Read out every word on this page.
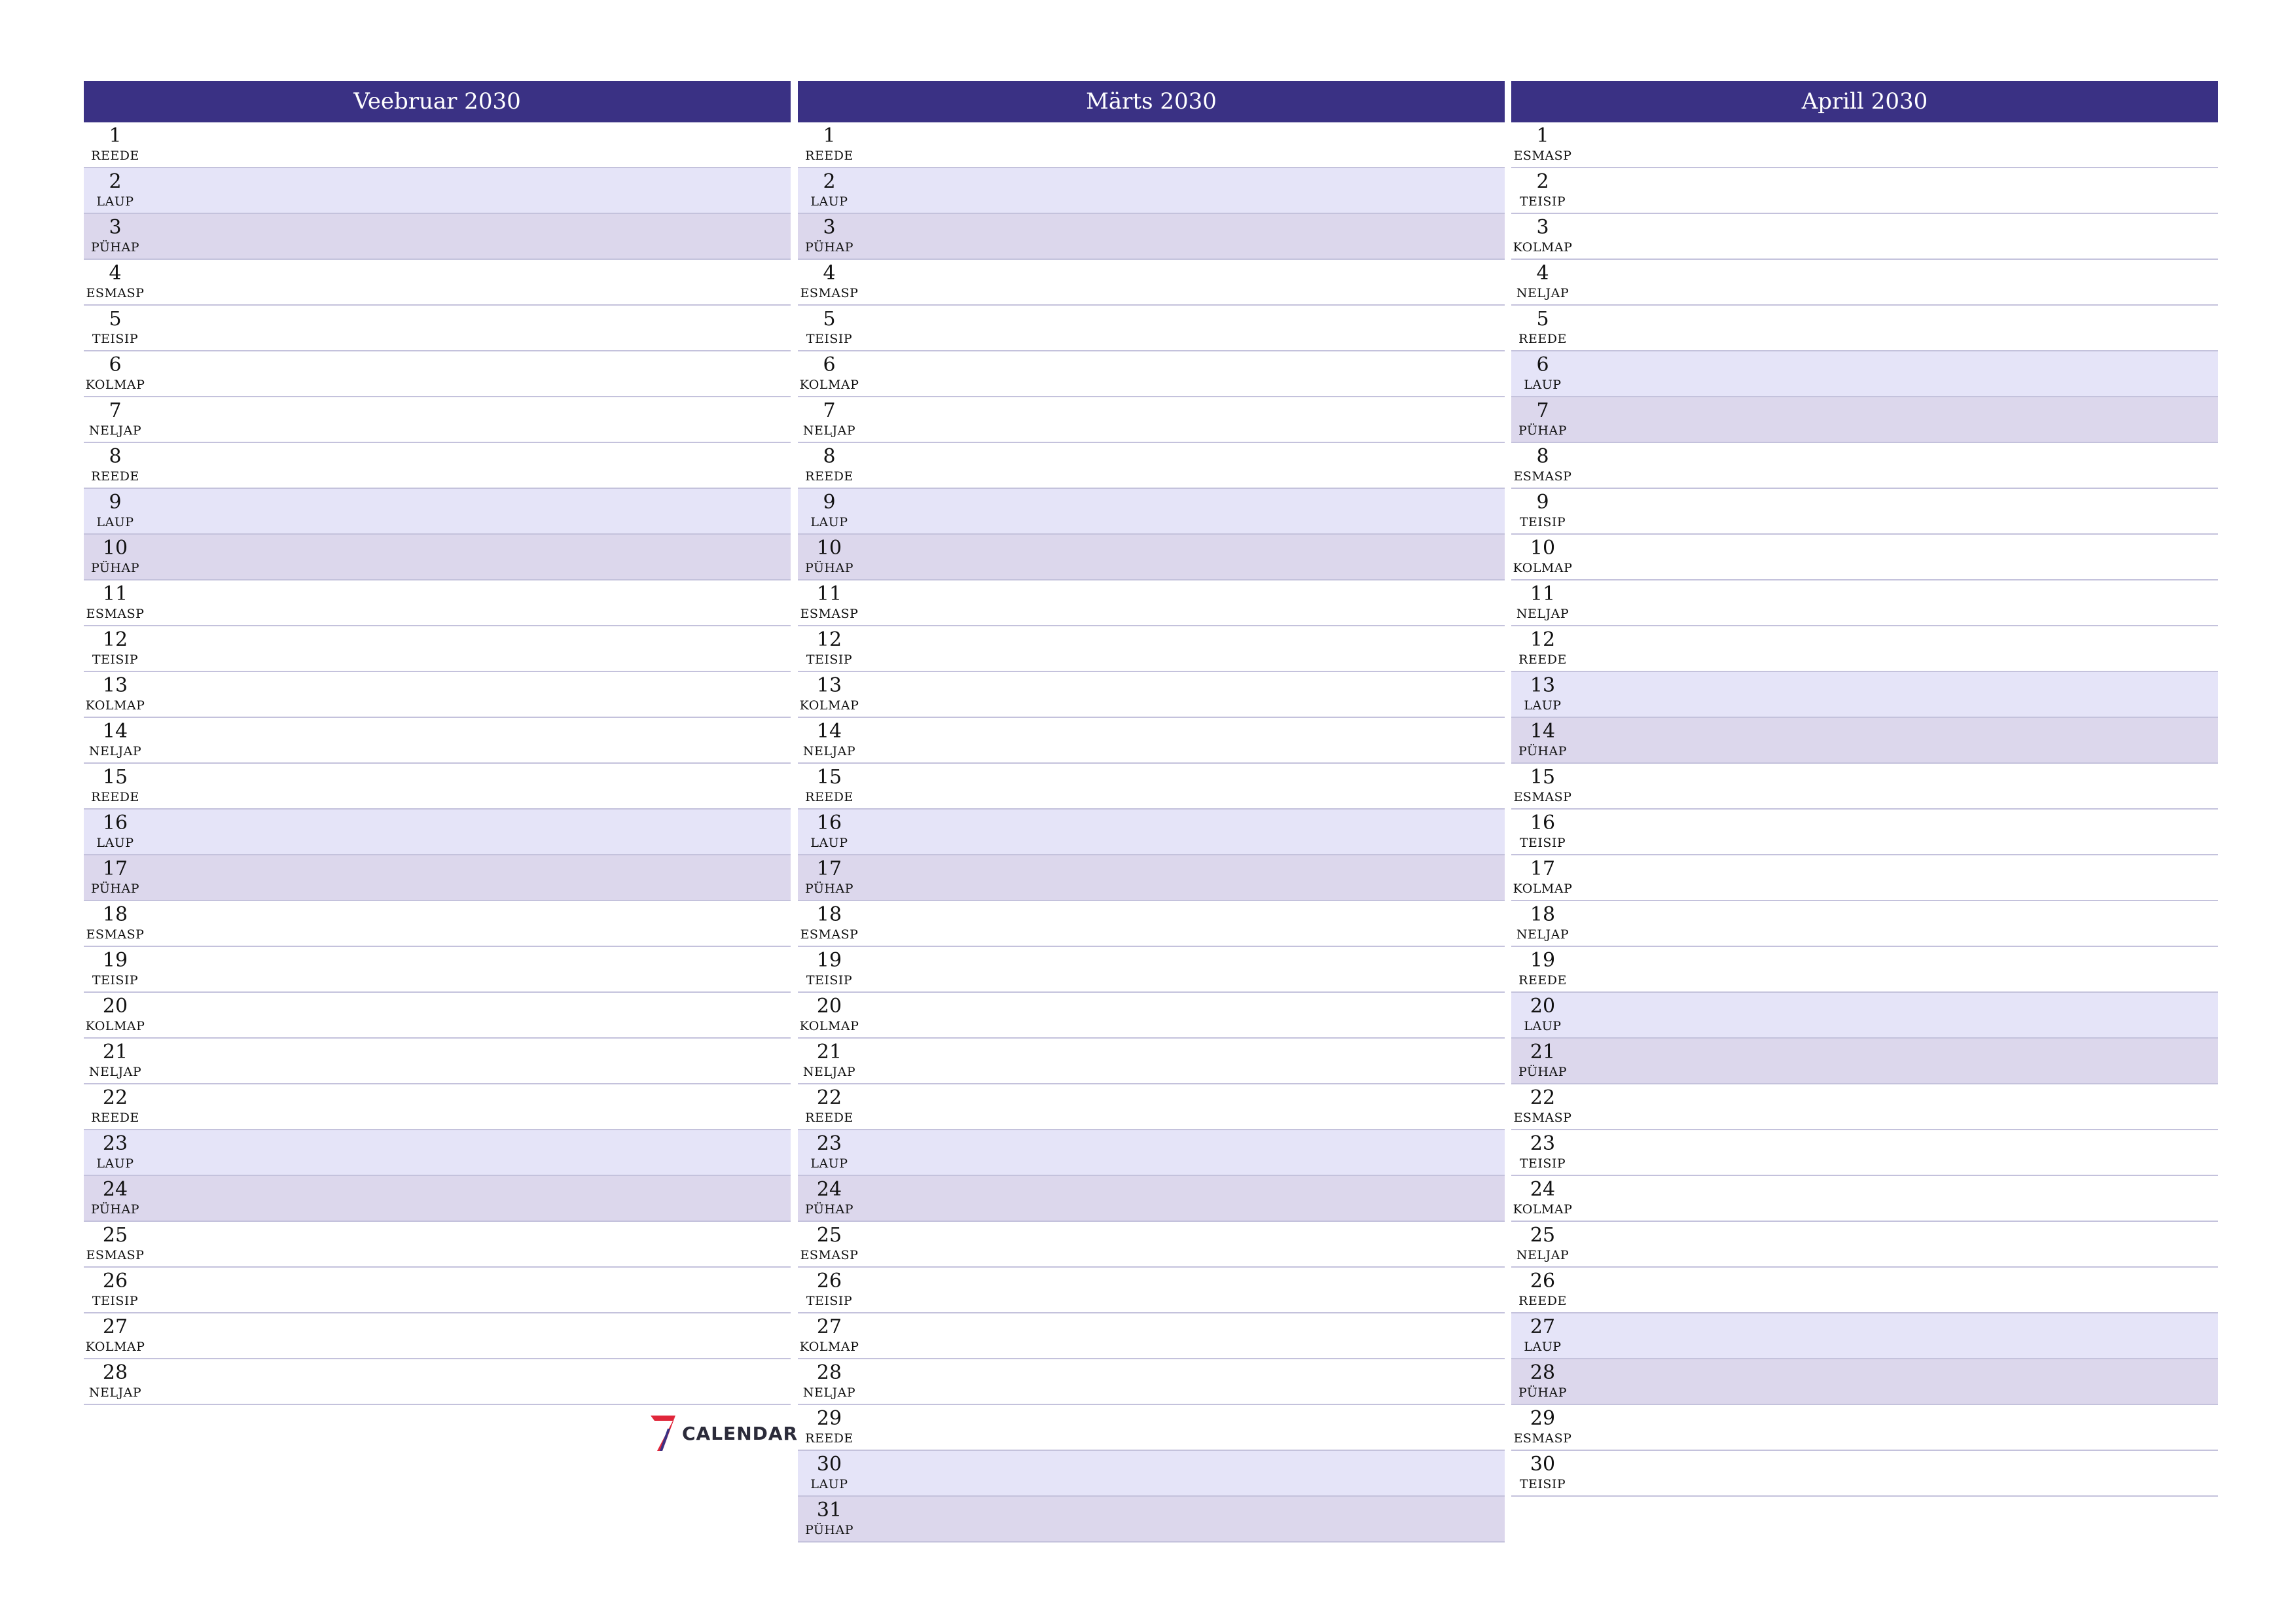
Veebruar 2030
1
REEDE
2
LAUP
3
PÜHAP
4
ESMASP
5
TEISIP
6
KOLMAP
7
NELJAP
8
REEDE
9
LAUP
10
PÜHAP
11
ESMASP
12
TEISIP
13
KOLMAP
14
NELJAP
15
REEDE
16
LAUP
17
PÜHAP
18
ESMASP
19
TEISIP
20
KOLMAP
21
NELJAP
22
REEDE
23
LAUP
24
PÜHAP
25
ESMASP
26
TEISIP
27
KOLMAP
28
NELJAP
Märts 2030
1
REEDE
2
LAUP
3
PÜHAP
4
ESMASP
5
TEISIP
6
KOLMAP
7
NELJAP
8
REEDE
9
LAUP
10
PÜHAP
11
ESMASP
12
TEISIP
13
KOLMAP
14
NELJAP
15
REEDE
16
LAUP
17
PÜHAP
18
ESMASP
19
TEISIP
20
KOLMAP
21
NELJAP
22
REEDE
23
LAUP
24
PÜHAP
25
ESMASP
26
TEISIP
27
KOLMAP
28
NELJAP
29
REEDE
30
LAUP
31
PÜHAP
Aprill 2030
1
ESMASP
2
TEISIP
3
KOLMAP
4
NELJAP
5
REEDE
6
LAUP
7
PÜHAP
8
ESMASP
9
TEISIP
10
KOLMAP
11
NELJAP
12
REEDE
13
LAUP
14
PÜHAP
15
ESMASP
16
TEISIP
17
KOLMAP
18
NELJAP
19
REEDE
20
LAUP
21
PÜHAP
22
ESMASP
23
TEISIP
24
KOLMAP
25
NELJAP
26
REEDE
27
LAUP
28
PÜHAP
29
ESMASP
30
TEISIP
CALENDAR
